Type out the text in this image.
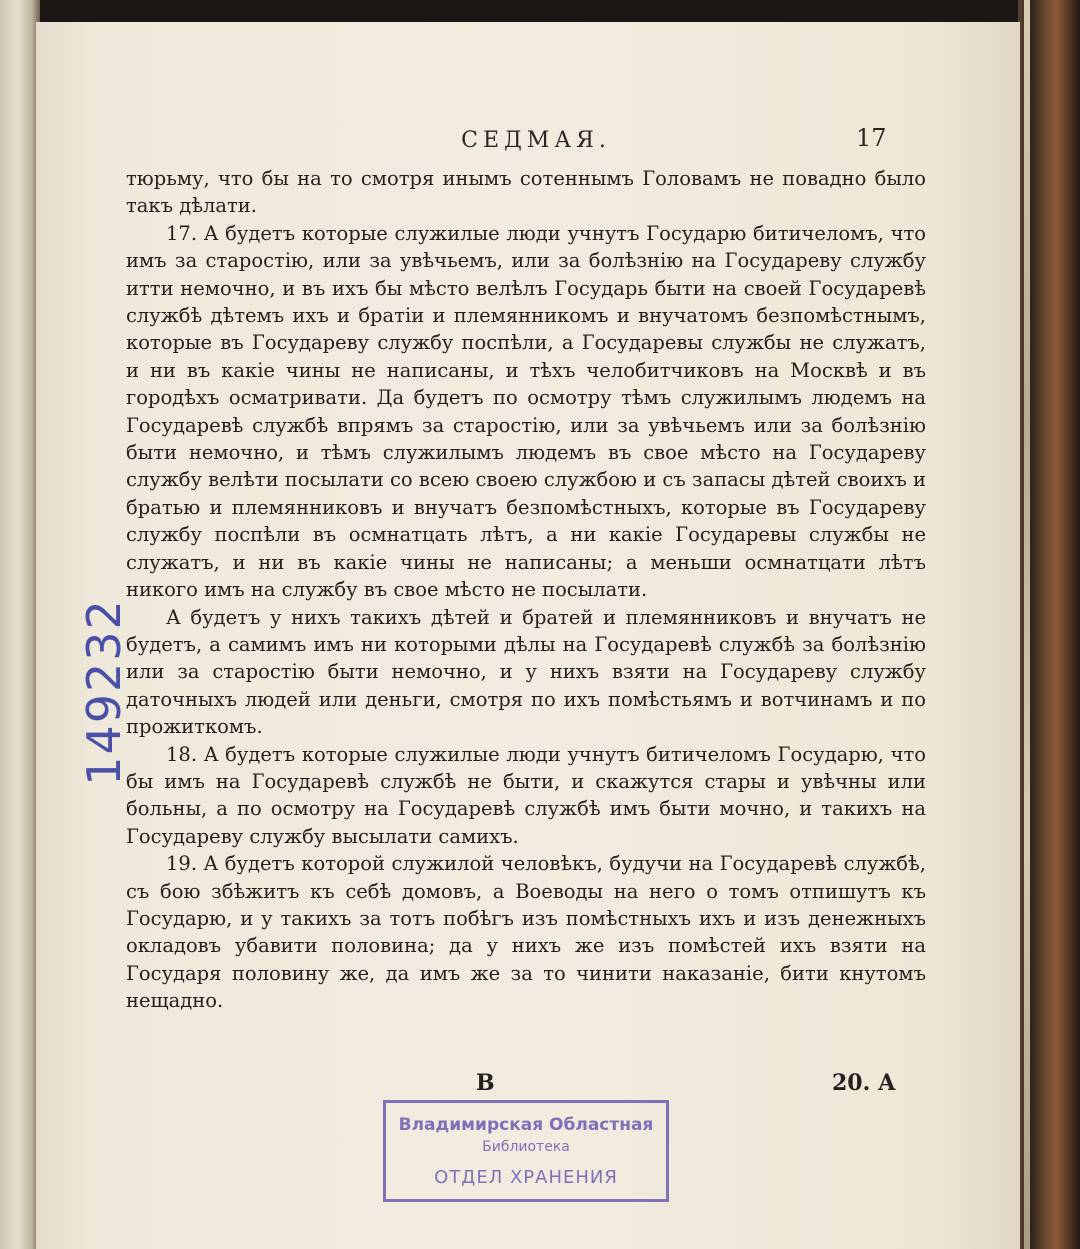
СЕДМАЯ.	17

тюрьму, что бы на то смотря инымъ сотеннымъ Головамъ не повадно было такъ дѣлати.

17. А будетъ которые служилые люди учнутъ Государю битичеломъ, что имъ за старостію, или за увѣчьемъ, или за болѣзнію на Государеву службу итти немочно, и въ ихъ бы мѣсто велѣлъ Государь быти на своей Государевѣ службѣ дѣтемъ ихъ и братіи и племянникомъ и внучатомъ безпомѣстнымъ, которые въ Государеву службу поспѣли, а Государевы службы не служатъ, и ни въ какіе чины не написаны, и тѣхъ челобитчиковъ на Москвѣ и въ городѣхъ осматривати. Да будетъ по осмотру тѣмъ служилымъ людемъ на Государевѣ службѣ впрямъ за старостію, или за увѣчьемъ или за болѣзнію быти немочно, и тѣмъ служилымъ людемъ въ свое мѣсто на Государеву службу велѣти посылати со всею своею службою и съ запасы дѣтей своихъ и братью и племянниковъ и внучатъ безпомѣстныхъ, которые въ Государеву службу поспѣли въ осмнатцать лѣтъ, а ни какіе Государевы службы не служатъ, и ни въ какіе чины не написаны; а меньши осмнатцати лѣтъ никого имъ на службу въ свое мѣсто не посылати.

А будетъ у нихъ такихъ дѣтей и братей и племянниковъ и внучатъ не будетъ, а самимъ имъ ни которыми дѣлы на Государевѣ службѣ за болѣзнію или за старостію быти немочно, и у нихъ взяти на Государеву службу даточныхъ людей или деньги, смотря по ихъ помѣстьямъ и вотчинамъ и по прожиткомъ.

18. А будетъ которые служилые люди учнутъ битичеломъ Государю, что бы имъ на Государевѣ службѣ не быти, и скажутся стары и увѣчны или больны, а по осмотру на Государевѣ службѣ имъ быти мочно, и такихъ на Государеву службу высылати самихъ.

19. А будетъ которой служилой человѣкъ, будучи на Государевѣ службѣ, съ бою збѣжитъ къ себѣ домовъ, а Воеводы на него о томъ отпишутъ къ Государю, и у такихъ за тотъ побѣгъ изъ помѣстныхъ ихъ и изъ денежныхъ окладовъ убавити половина; да у нихъ же изъ помѣстей ихъ взяти на Государя половину же, да имъ же за то чинити наказаніе, бити кнутомъ нещадно.

В	20. А
149232
Владимирская Областная
Библиотека
ОТДЕЛ ХРАНЕНИЯ
